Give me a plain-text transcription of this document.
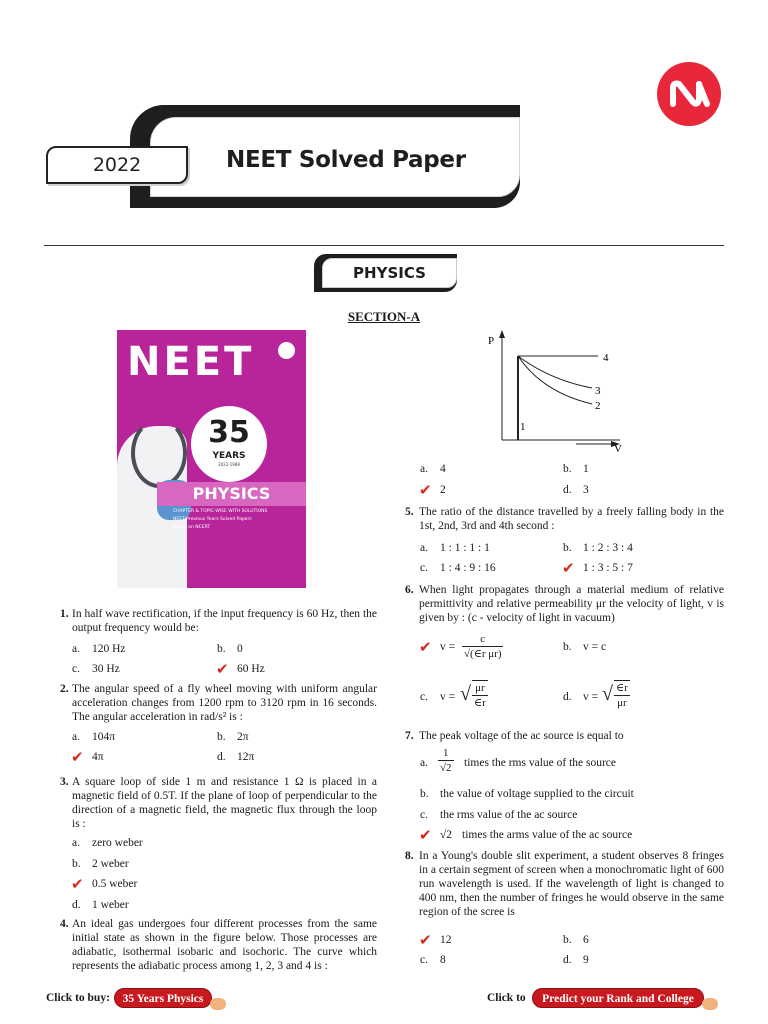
NEET Solved Paper
2022
PHYSICS
SECTION-A
NEET
35
YEARS
2022-1988
PHYSICS
CHAPTER & TOPIC-WISE WITH SOLUTIONS
NEET Previous Years Solved Papers
Based on NCERT
1. In half wave rectification, if the input frequency is 60 Hz, then the output frequency would be:
a. 120 Hz	b. 0
c. 30 Hz	✔ 60 Hz
2. The angular speed of a fly wheel moving with uniform angular acceleration changes from 1200 rpm to 3120 rpm in 16 seconds. The angular acceleration in rad/s² is :
a. 104π	b. 2π
✔ 4π	d. 12π
3. A square loop of side 1 m and resistance 1 Ω is placed in a magnetic field of 0.5T. If the plane of loop of perpendicular to the direction of a magnetic field, the magnetic flux through the loop is :
a. zero weber
b. 2 weber
✔ 0.5 weber
d. 1 weber
4. An ideal gas undergoes four different processes from the same initial state as shown in the figure below. Those processes are adiabatic, isothermal isobaric and isochoric. The curve which represents the adiabatic process among 1, 2, 3 and 4 is :
P
V
4
3
2
1
a. 4	b. 1
✔ 2	d. 3
5. The ratio of the distance travelled by a freely falling body in the 1st, 2nd, 3rd and 4th second :
a. 1 : 1 : 1 : 1	b. 1 : 2 : 3 : 4
c. 1 : 4 : 9 : 16	✔ 1 : 3 : 5 : 7
6. When light propagates through a material medium of relative permittivity and relative permeability μr the velocity of light, v is given by : (c - velocity of light in vacuum)
✔ $v = \frac{c}{\text{√(∈r μr)}}$	b. v = c
c. v = √ $\frac{\mu r}{\in r}$	d. v = √ $\frac{\in r}{\mu r}$
7. The peak voltage of the ac source is equal to
a. $\frac{1}{√2}$ times the rms value of the source
b. the value of voltage supplied to the circuit
c. the rms value of the ac source
✔ √2 times the arms value of the ac source
8. In a Young's double slit experiment, a student observes 8 fringes in a certain segment of screen when a monochromatic light of 600 run wavelength is used. If the wavelength of light is changed to 400 nm, then the number of fringes he would observe in the same region of the scree is
✔ 12	b. 6
c. 8	d. 9
Click to buy:	35 Years Physics	Click to	Predict your Rank and College
